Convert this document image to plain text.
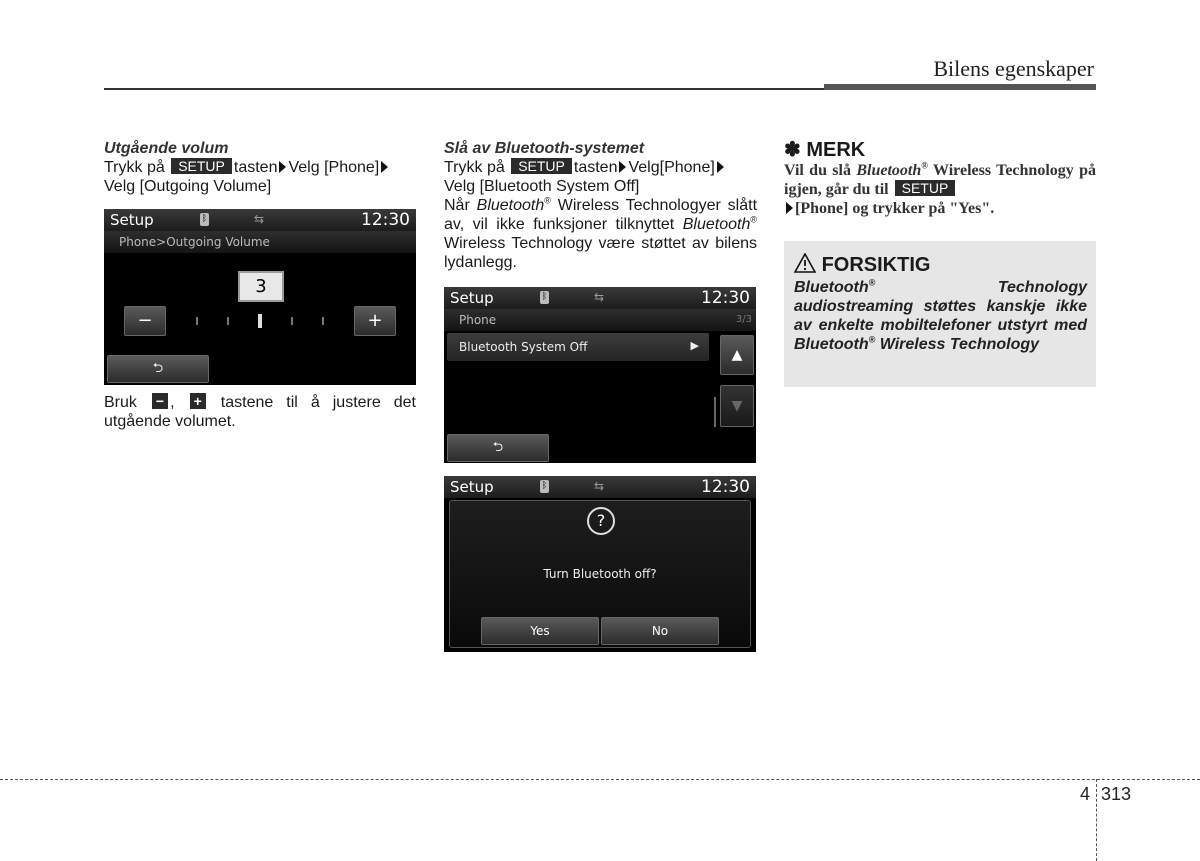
Bilens egenskaper
Utgående volum
Trykk på SETUP tasten Velg [Phone]
Velg [Outgoing Volume]
Setup	ᛒ	⇆	12:30
Phone>Outgoing Volume
3
−	+
⮌
Bruk − , + tastene til å justere det utgående volumet.
Slå av Bluetooth-systemet
Trykk på SETUP tasten Velg[Phone]
Velg [Bluetooth System Off]
Når Bluetooth® Wireless Technologyer slått av, vil ikke funksjoner tilknyttet Bluetooth® Wireless Technology være støttet av bilens lydanlegg.
Setup	ᛒ	⇆	12:30
Phone	3/3
Bluetooth System Off	▶
▲
▼
⮌
Setup	ᛒ	⇆	12:30
?
Turn Bluetooth off?
Yes	No
✽ MERK
Vil du slå Bluetooth® Wireless Technology på igjen, går du til SETUP
[Phone] og trykker på "Yes".
FORSIKTIG
Bluetooth®	Technology audiostreaming støttes kanskje ikke av enkelte mobiltelefoner utstyrt med Bluetooth® Wireless Technology
4 313
